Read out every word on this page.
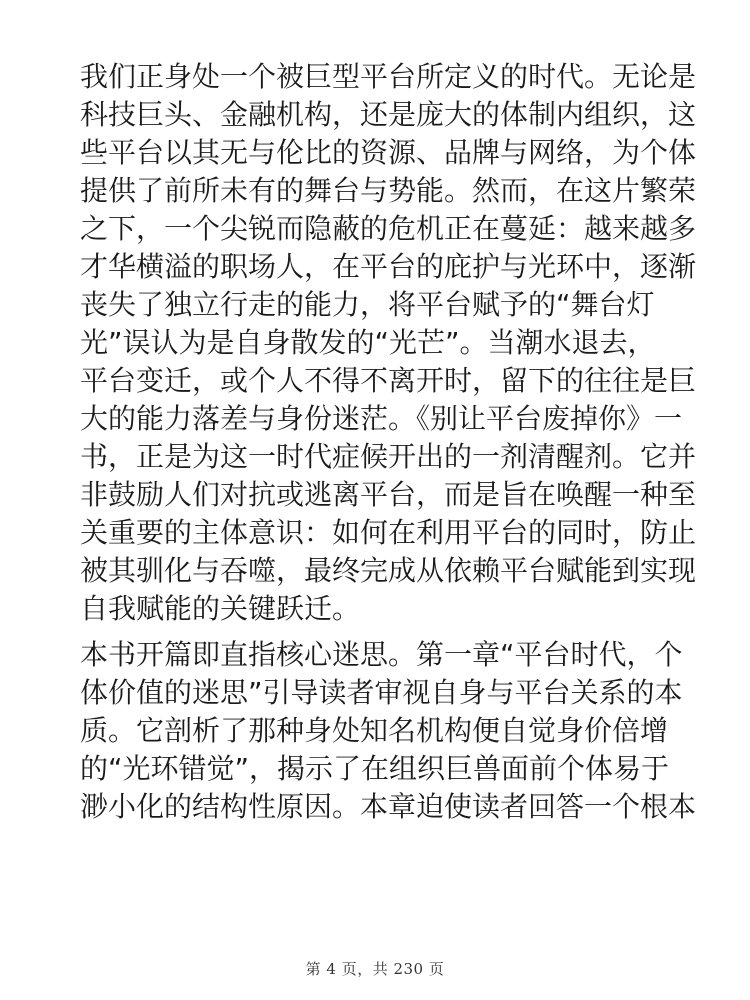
我们正身处一个被巨型平台所定义的时代。无论是
科技巨头、金融机构，还是庞大的体制内组织，这
些平台以其无与伦比的资源、品牌与网络，为个体
提供了前所未有的舞台与势能。然而，在这片繁荣
之下，一个尖锐而隐蔽的危机正在蔓延：越来越多
才华横溢的职场人，在平台的庇护与光环中，逐渐
丧失了独立行走的能力，将平台赋予的“舞台灯
光”误认为是自身散发的“光芒”。当潮水退去，
平台变迁，或个人不得不离开时，留下的往往是巨
大的能力落差与身份迷茫。《别让平台废掉你》一
书，正是为这一时代症候开出的一剂清醒剂。它并
非鼓励人们对抗或逃离平台，而是旨在唤醒一种至
关重要的主体意识：如何在利用平台的同时，防止
被其驯化与吞噬，最终完成从依赖平台赋能到实现
自我赋能的关键跃迁。
本书开篇即直指核心迷思。第一章“平台时代，个
体价值的迷思”引导读者审视自身与平台关系的本
质。它剖析了那种身处知名机构便自觉身价倍增
的“光环错觉”，揭示了在组织巨兽面前个体易于
渺小化的结构性原因。本章迫使读者回答一个根本
第 4 页，共 230 页
